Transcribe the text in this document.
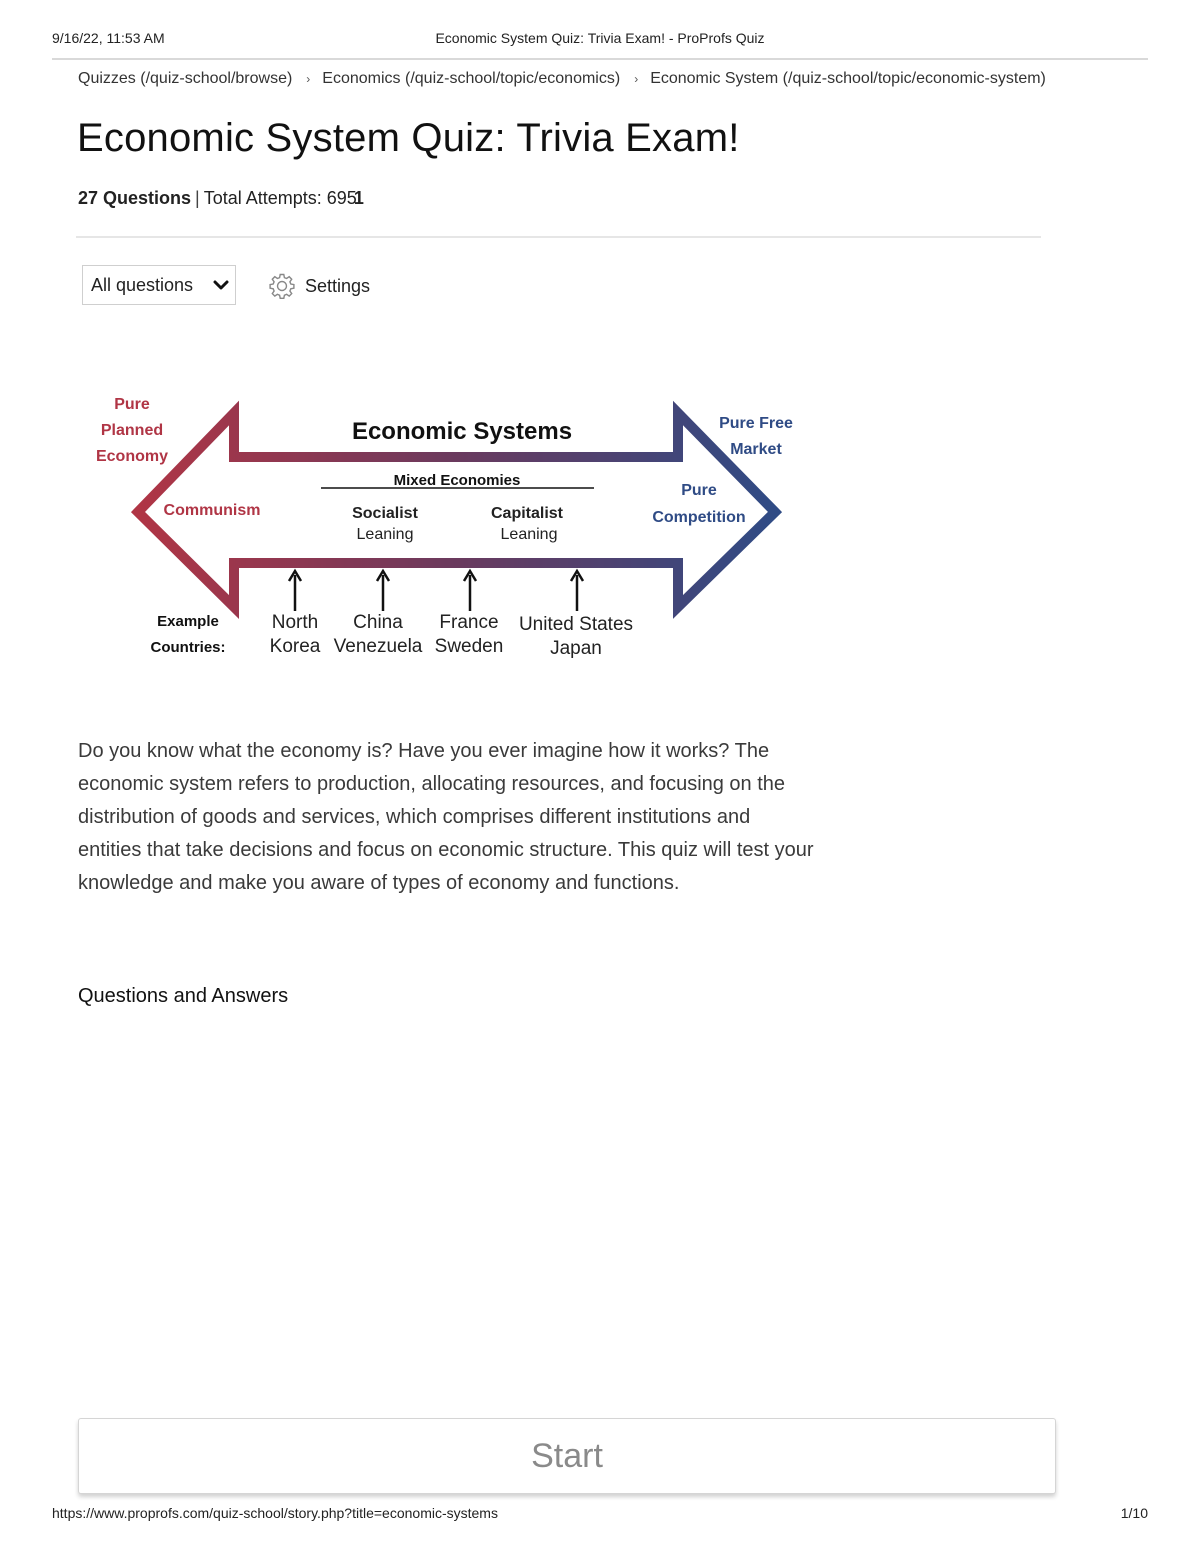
9/16/22, 11:53 AM	Economic System Quiz: Trivia Exam! - ProProfs Quiz
Quizzes (/quiz-school/browse) › Economics (/quiz-school/topic/economics) › Economic System (/quiz-school/topic/economic-system)
Economic System Quiz: Trivia Exam!
27 Questions | Total Attempts: 6951
All questions	Settings
Economic Systems
Pure
Planned
Economy
Communism
Pure Free
Market
Pure
Competition
Mixed Economies
Socialist
Leaning
Capitalist
Leaning
Example
Countries:
North
Korea
China
Venezuela
France
Sweden
United States
Japan

Do you know what the economy is? Have you ever imagine how it works? The economic system refers to production, allocating resources, and focusing on the distribution of goods and services, which comprises different institutions and entities that take decisions and focus on economic structure. This quiz will test your knowledge and make you aware of types of economy and functions.

Questions and Answers
Start
https://www.proprofs.com/quiz-school/story.php?title=economic-systems	1/10
